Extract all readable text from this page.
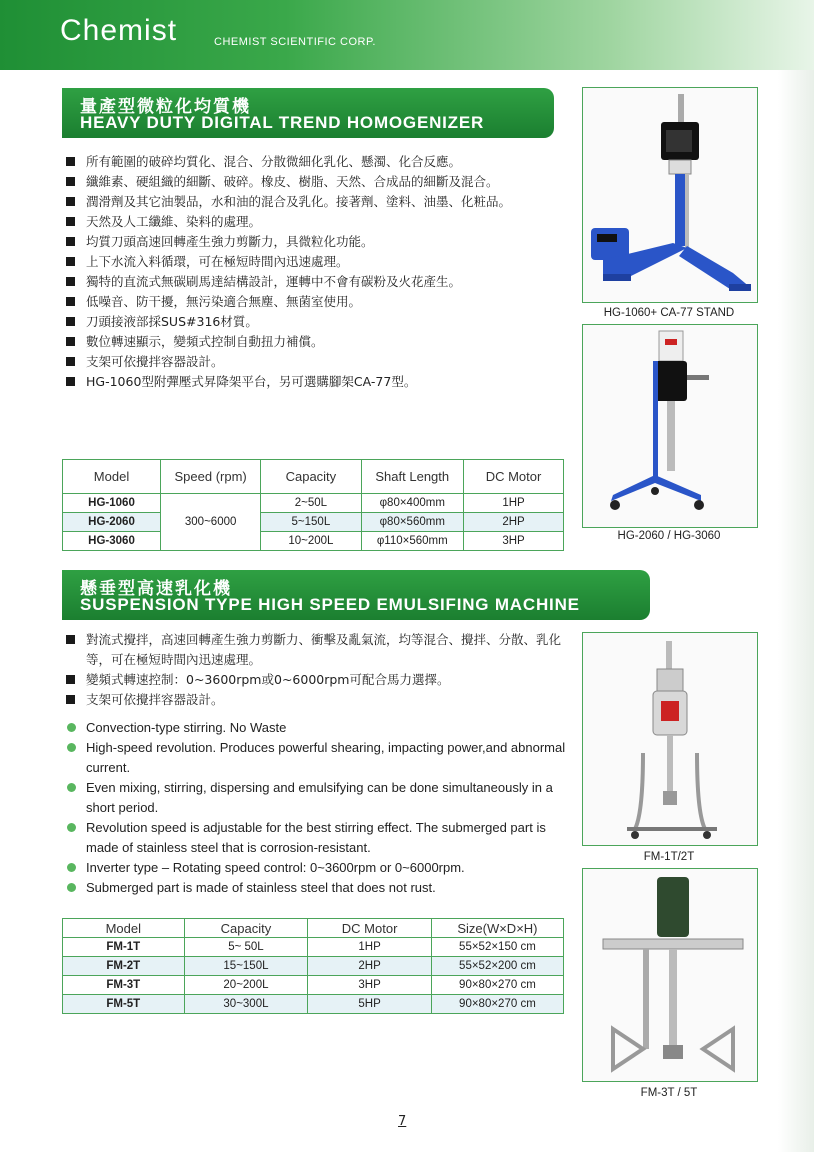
Chemist	CHEMIST SCIENTIFIC CORP.
量產型微粒化均質機
HEAVY DUTY DIGITAL TREND HOMOGENIZER
所有範圍的破碎均質化、混合、分散微細化乳化、懸濁、化合反應。
纖維素、硬組織的細斷、破碎。橡皮、樹脂、天然、合成品的細斷及混合。
潤滑劑及其它油製品，水和油的混合及乳化。接著劑、塗料、油墨、化粧品。
天然及人工纖維、染料的處理。
均質刀頭高速回轉產生強力剪斷力，具微粒化功能。
上下水流入料循環，可在極短時間內迅速處理。
獨特的直流式無碳刷馬達結構設計，運轉中不會有碳粉及火花產生。
低噪音、防干擾，無污染適合無塵、無菌室使用。
刀頭接液部採SUS#316材質。
數位轉速顯示，變頻式控制自動扭力補償。
支架可依攪拌容器設計。
HG-1060型附彈壓式昇降架平台，另可選購腳架CA-77型。
Model	Speed (rpm)	Capacity	Shaft Length	DC Motor
HG-1060	300~6000	2~50L	φ80×400mm	1HP
HG-2060		5~150L	φ80×560mm	2HP
HG-3060		10~200L	φ110×560mm	3HP
HG-1060+ CA-77 STAND
HG-2060 / HG-3060
懸垂型高速乳化機
SUSPENSION TYPE HIGH SPEED EMULSIFING MACHINE
對流式攪拌，高速回轉產生強力剪斷力、衝擊及亂氣流，均等混合、攪拌、分散、乳化等，可在極短時間內迅速處理。
變頻式轉速控制：0~3600rpm或0~6000rpm可配合馬力選擇。
支架可依攪拌容器設計。
Convection-type stirring. No Waste
High-speed revolution. Produces powerful shearing, impacting power,and abnormal current.
Even mixing, stirring, dispersing and emulsifying can be done simultaneously in a short period.
Revolution speed is adjustable for the best stirring effect. The submerged part is made of stainless steel that is corrosion-resistant.
Inverter type – Rotating speed control: 0~3600rpm or 0~6000rpm.
Submerged part is made of stainless steel that does not rust.
Model	Capacity	DC Motor	Size(W×D×H)
FM-1T	5~ 50L	1HP	55×52×150 cm
FM-2T	15~150L	2HP	55×52×200 cm
FM-3T	20~200L	3HP	90×80×270 cm
FM-5T	30~300L	5HP	90×80×270 cm
FM-1T/2T
FM-3T / 5T
7
